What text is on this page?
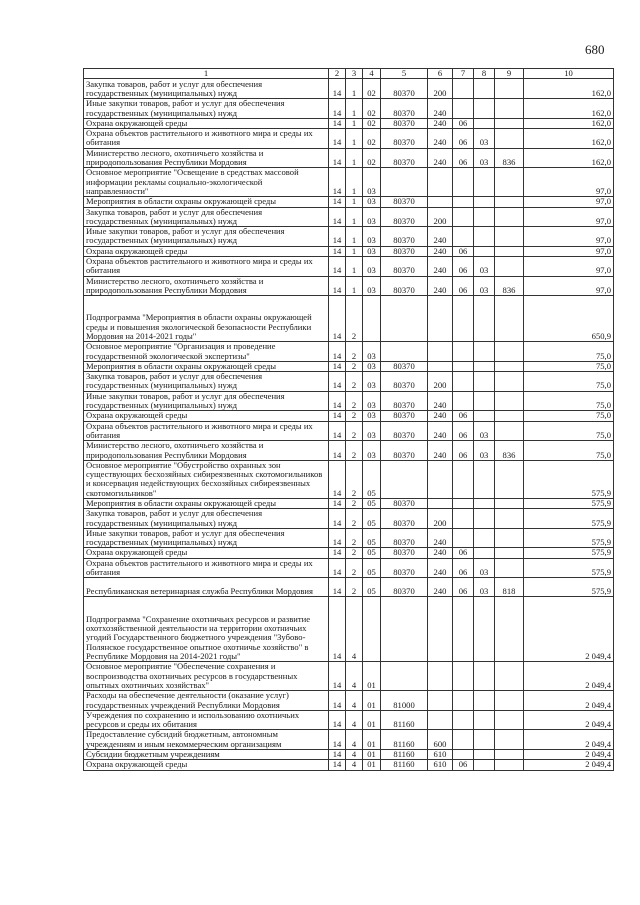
680
1	2	3	4	5	6	7	8	9	10
Закупка товаров, работ и услуг для обеспечения государственных (муниципальных) нужд	14	1	02	80370	200				162,0
Иные закупки товаров, работ и услуг для обеспечения государственных (муниципальных) нужд	14	1	02	80370	240				162,0
Охрана окружающей среды	14	1	02	80370	240	06			162,0
Охрана объектов растительного и животного мира и среды их обитания	14	1	02	80370	240	06	03		162,0
Министерство лесного, охотничьего хозяйства и природопользования Республики Мордовия	14	1	02	80370	240	06	03	836	162,0
Основное мероприятие "Освещение в средствах массовой информации рекламы социально-экологической направленности"	14	1	03						97,0
Мероприятия в области охраны окружающей среды	14	1	03	80370					97,0
Закупка товаров, работ и услуг для обеспечения государственных (муниципальных) нужд	14	1	03	80370	200				97,0
Иные закупки товаров, работ и услуг для обеспечения государственных (муниципальных) нужд	14	1	03	80370	240				97,0
Охрана окружающей среды	14	1	03	80370	240	06			97,0
Охрана объектов растительного и животного мира и среды их обитания	14	1	03	80370	240	06	03		97,0
Министерство лесного, охотничьего хозяйства и природопользования Республики Мордовия	14	1	03	80370	240	06	03	836	97,0
Подпрограмма "Мероприятия в области охраны окружающей среды и повышения экологической безопасности Республики Мордовия на 2014-2021 годы"	14	2							650,9
Основное мероприятие "Организация и проведение государственной экологической экспертизы"	14	2	03						75,0
Мероприятия в области охраны окружающей среды	14	2	03	80370					75,0
Закупка товаров, работ и услуг для обеспечения государственных (муниципальных) нужд	14	2	03	80370	200				75,0
Иные закупки товаров, работ и услуг для обеспечения государственных (муниципальных) нужд	14	2	03	80370	240				75,0
Охрана окружающей среды	14	2	03	80370	240	06			75,0
Охрана объектов растительного и животного мира и среды их обитания	14	2	03	80370	240	06	03		75,0
Министерство лесного, охотничьего хозяйства и природопользования Республики Мордовия	14	2	03	80370	240	06	03	836	75,0
Основное мероприятие "Обустройство охранных зон существующих бесхозяйных сибиреязвенных скотомогильников и консервация недействующих бесхозяйных сибиреязвенных скотомогильников"	14	2	05						575,9
Мероприятия в области охраны окружающей среды	14	2	05	80370					575,9
Закупка товаров, работ и услуг для обеспечения государственных (муниципальных) нужд	14	2	05	80370	200				575,9
Иные закупки товаров, работ и услуг для обеспечения государственных (муниципальных) нужд	14	2	05	80370	240				575,9
Охрана окружающей среды	14	2	05	80370	240	06			575,9
Охрана объектов растительного и животного мира и среды их обитания	14	2	05	80370	240	06	03		575,9
Республиканская ветеринарная служба Республики Мордовия	14	2	05	80370	240	06	03	818	575,9
Подпрограмма "Сохранение охотничьих ресурсов и развитие охотхозяйственной деятельности на территории охотничьих угодий Государственного бюджетного учреждения "Зубово-Полянское государственное опытное охотничье хозяйство" в Республике Мордовия на 2014-2021 годы"	14	4							2 049,4
Основное мероприятие "Обеспечение сохранения и воспроизводства охотничьих ресурсов в государственных опытных охотничьих хозяйствах"	14	4	01						2 049,4
Расходы на обеспечение деятельности (оказание услуг) государственных учреждений Республики Мордовия	14	4	01	81000					2 049,4
Учреждения по сохранению и использованию охотничьих ресурсов и среды их обитания	14	4	01	81160					2 049,4
Предоставление субсидий бюджетным, автономным учреждениям и иным некоммерческим организациям	14	4	01	81160	600				2 049,4
Субсидии бюджетным учреждениям	14	4	01	81160	610				2 049,4
Охрана окружающей среды	14	4	01	81160	610	06			2 049,4
